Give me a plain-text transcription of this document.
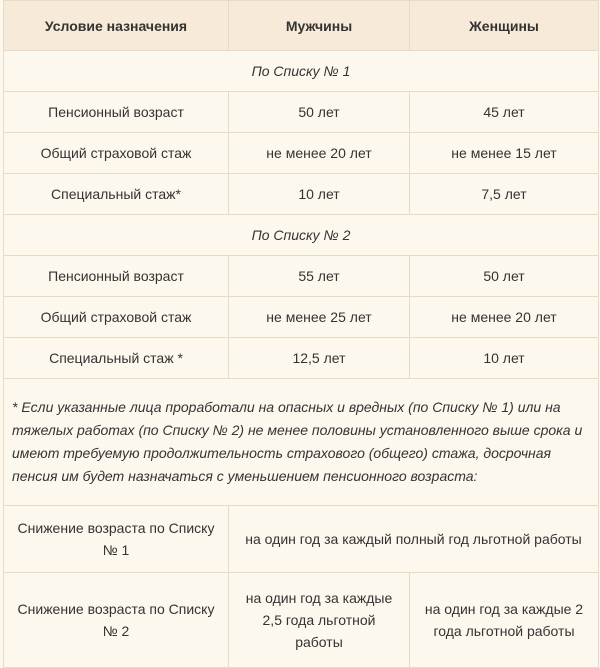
Условие назначения	Мужчины	Женщины
По Списку № 1		
Пенсионный возраст	50 лет	45 лет
Общий страховой стаж	не менее 20 лет	не менее 15 лет
Специальный стаж*	10 лет	7,5 лет
По Списку № 2		
Пенсионный возраст	55 лет	50 лет
Общий страховой стаж	не менее 25 лет	не менее 20 лет
Специальный стаж *	12,5 лет	10 лет
* Если указанные лица проработали на опасных и вредных (по Списку № 1) или на тяжелых работах (по Списку № 2) не менее половины установленного выше срока и имеют требуемую продолжительность страхового (общего) стажа, досрочная пенсия им будет назначаться с уменьшением пенсионного возраста:		
Снижение возраста по Списку № 1	на один год за каждый полный год льготной работы	
Снижение возраста по Списку № 2	на один год за каждые 2,5 года льготной работы	на один год за каждые 2 года льготной работы
